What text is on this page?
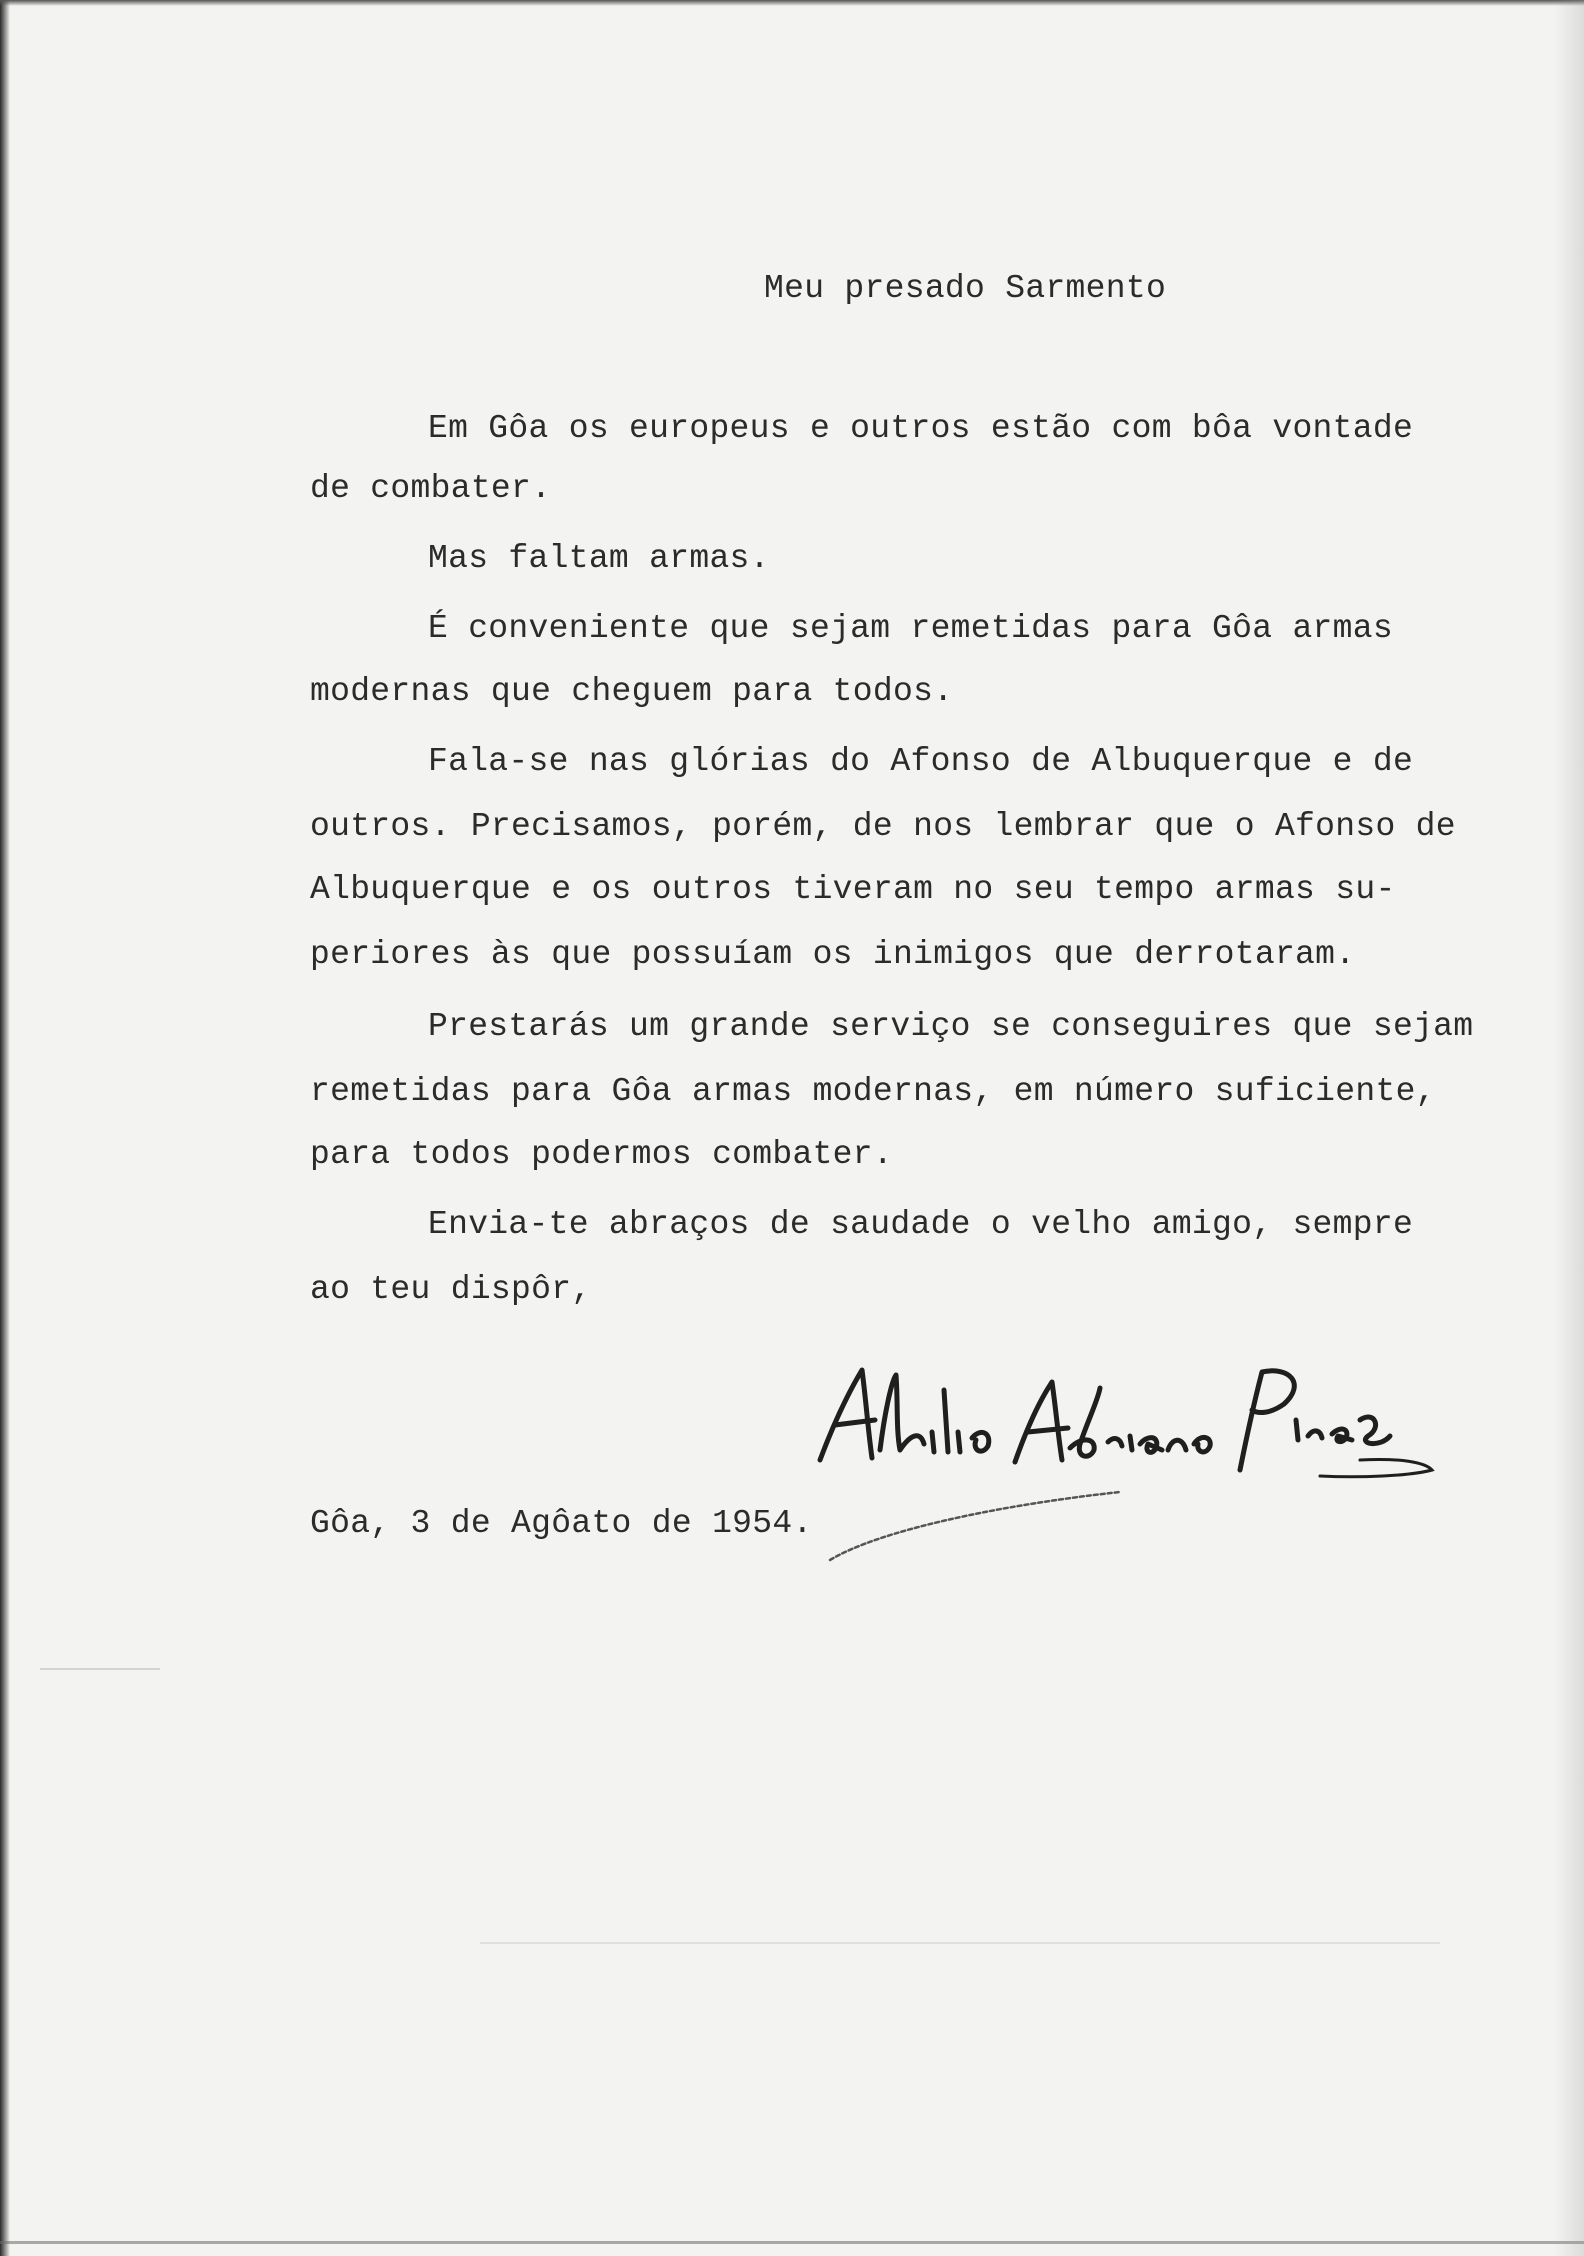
Meu presado Sarmento
Em Gôa os europeus e outros estão com bôa vontade
de combater.
Mas faltam armas.
É conveniente que sejam remetidas para Gôa armas
modernas que cheguem para todos.
Fala-se nas glórias do Afonso de Albuquerque e de
outros. Precisamos, porém, de nos lembrar que o Afonso de
Albuquerque e os outros tiveram no seu tempo armas su-
periores às que possuíam os inimigos que derrotaram.
Prestarás um grande serviço se conseguires que sejam
remetidas para Gôa armas modernas, em número suficiente,
para todos podermos combater.
Envia-te abraços de saudade o velho amigo, sempre
ao teu dispôr,
Gôa, 3 de Agôato de 1954.
